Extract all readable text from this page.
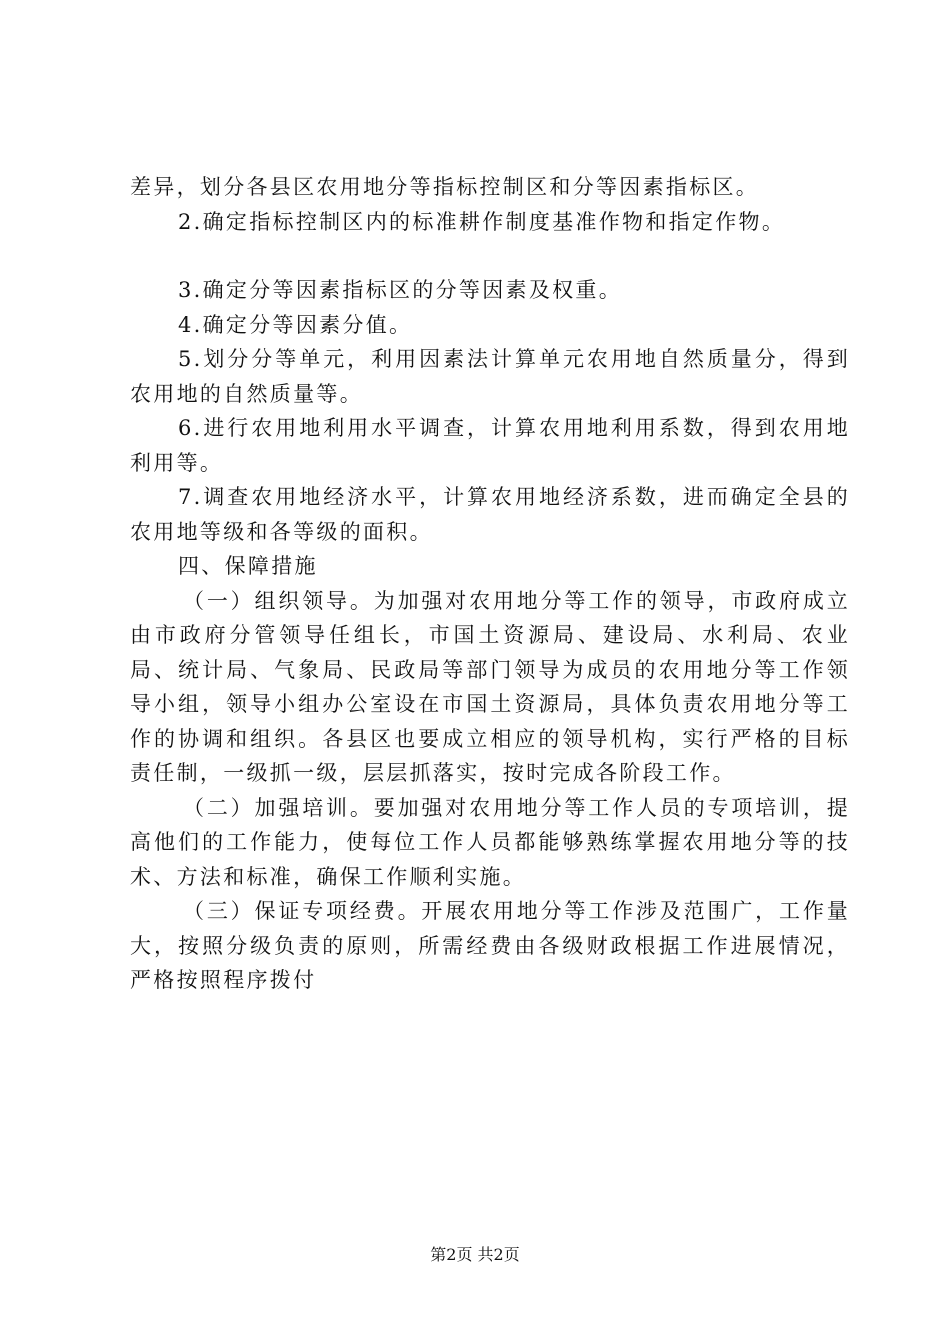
差异，划分各县区农用地分等指标控制区和分等因素指标区。

2.确定指标控制区内的标准耕作制度基准作物和指定作物。

3.确定分等因素指标区的分等因素及权重。

4.确定分等因素分值。

5.划分分等单元，利用因素法计算单元农用地自然质量分，得到农用地的自然质量等。

6.进行农用地利用水平调查，计算农用地利用系数，得到农用地利用等。

7.调查农用地经济水平，计算农用地经济系数，进而确定全县的农用地等级和各等级的面积。

四、保障措施

（一）组织领导。为加强对农用地分等工作的领导，市政府成立由市政府分管领导任组长，市国土资源局、建设局、水利局、农业局、统计局、气象局、民政局等部门领导为成员的农用地分等工作领导小组，领导小组办公室设在市国土资源局，具体负责农用地分等工作的协调和组织。各县区也要成立相应的领导机构，实行严格的目标责任制，一级抓一级，层层抓落实，按时完成各阶段工作。

（二）加强培训。要加强对农用地分等工作人员的专项培训，提高他们的工作能力，使每位工作人员都能够熟练掌握农用地分等的技术、方法和标准，确保工作顺利实施。

（三）保证专项经费。开展农用地分等工作涉及范围广，工作量大，按照分级负责的原则，所需经费由各级财政根据工作进展情况，严格按照程序拨付

第2页 共2页
